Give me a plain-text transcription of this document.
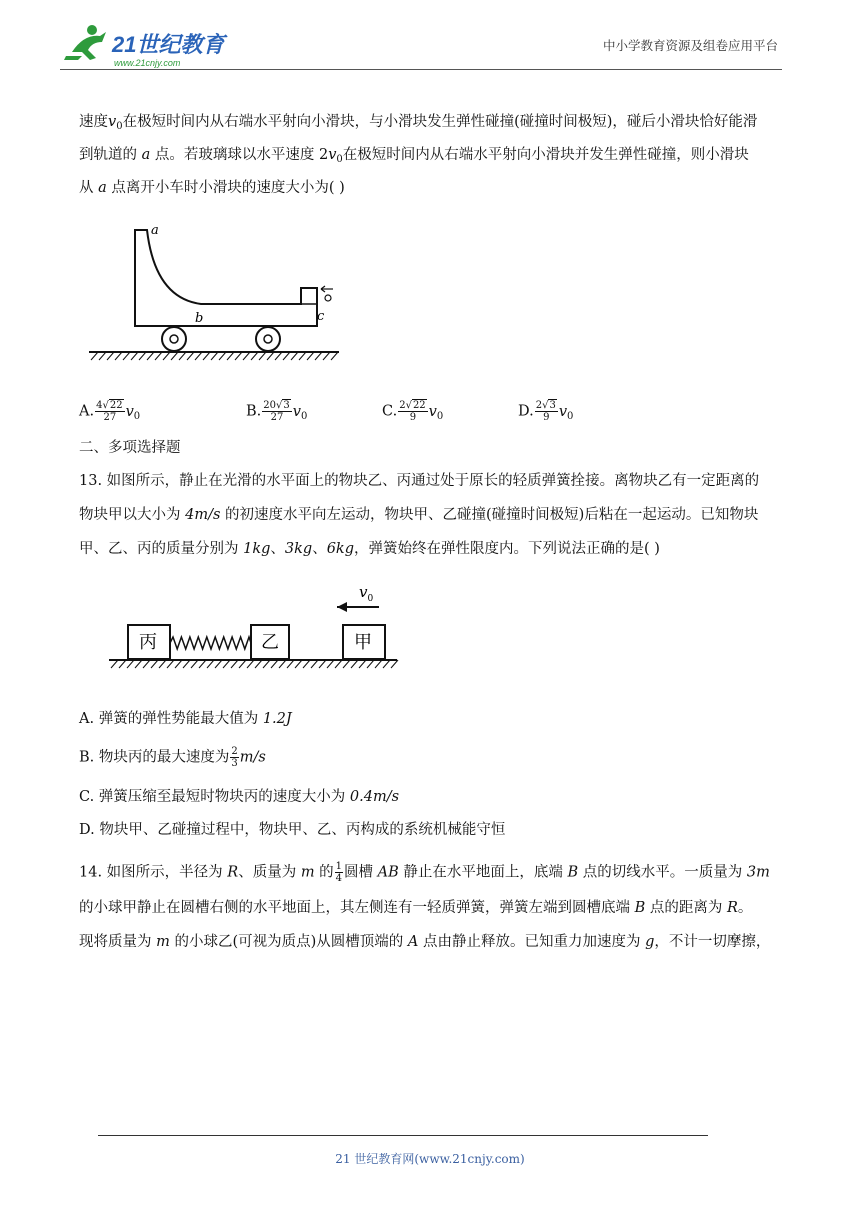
21世纪教育
www.21cnjy.com
中小学教育资源及组卷应用平台
速度$v_0$在极短时间内从右端水平射向小滑块，与小滑块发生弹性碰撞(碰撞时间极短)，碰后小滑块恰好能滑
到轨道的 a 点。若玻璃球以水平速度 $2v_0$在极短时间内从右端水平射向小滑块并发生弹性碰撞，则小滑块
从 a 点离开小车时小滑块的速度大小为( )
a
b	c
A. $\frac{4√22}{27} v_0$	B. $\frac{20√3}{27} v_0$	C. $\frac{2√22}{9} v_0$	D. $\frac{2√3}{9} v_0$
二、多项选择题
13. 如图所示，静止在光滑的水平面上的物块乙、丙通过处于原长的轻质弹簧拴接。离物块乙有一定距离的
物块甲以大小为 4m/s 的初速度水平向左运动，物块甲、乙碰撞(碰撞时间极短)后粘在一起运动。已知物块
甲、乙、丙的质量分别为 1kg、3kg、6kg，弹簧始终在弹性限度内。下列说法正确的是( )
$v_0$
丙	乙	甲
A. 弹簧的弹性势能最大值为 1.2J
B. 物块丙的最大速度为 $\frac{2}{3} m/s$
C. 弹簧压缩至最短时物块丙的速度大小为 0.4m/s
D. 物块甲、乙碰撞过程中，物块甲、乙、丙构成的系统机械能守恒
14. 如图所示，半径为 R、质量为 m 的 $\frac{1}{4}$ 圆槽 AB 静止在水平地面上，底端 B 点的切线水平。一质量为 3m
的小球甲静止在圆槽右侧的水平地面上，其左侧连有一轻质弹簧，弹簧左端到圆槽底端 B 点的距离为 R。
现将质量为 m 的小球乙(可视为质点)从圆槽顶端的 A 点由静止释放。已知重力加速度为 g，不计一切摩擦，
21 世纪教育网(www.21cnjy.com)
